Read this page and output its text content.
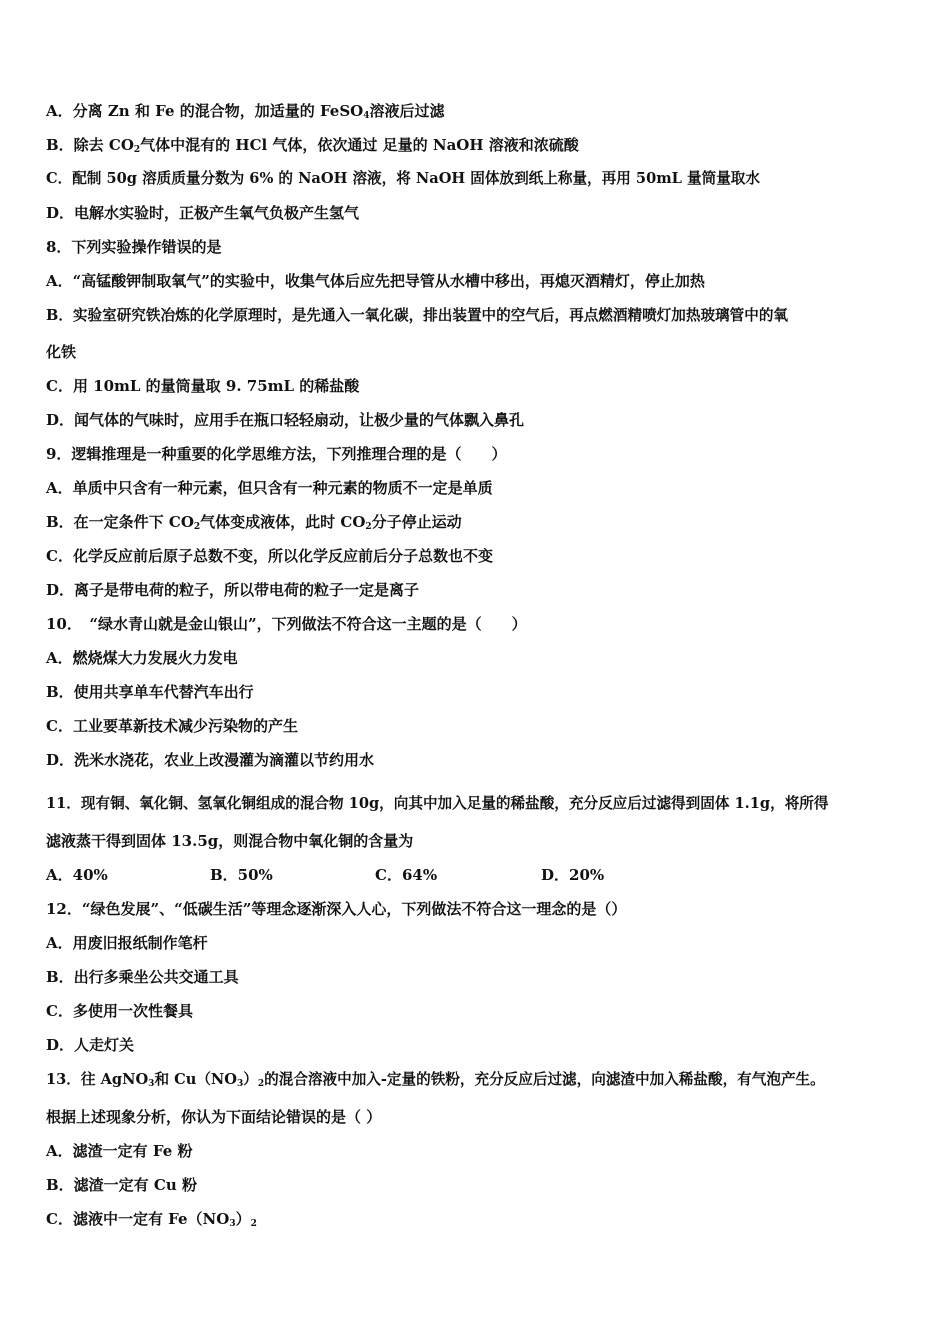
A．分离 Zn 和 Fe 的混合物，加适量的 FeSO$_4$溶液后过滤
B．除去 $CO_2$气体中混有的 HCl 气体，依次通过 足量的 NaOH 溶液和浓硫酸
C．配制 50g 溶质质量分数为 6% 的 NaOH 溶液，将 NaOH 固体放到纸上称量，再用 50mL 量筒量取水
D．电解水实验时，正极产生氧气负极产生氢气
8．下列实验操作错误的是
A．“高锰酸钾制取氧气”的实验中，收集气体后应先把导管从水槽中移出，再熄灭酒精灯，停止加热
B．实验室研究铁冶炼的化学原理时，是先通入一氧化碳，排出装置中的空气后，再点燃酒精喷灯加热玻璃管中的氧
化铁
C．用 10mL 的量筒量取 9. 75mL 的稀盐酸
D．闻气体的气味时，应用手在瓶口轻轻扇动，让极少量的气体飘入鼻孔
9．逻辑推理是一种重要的化学思维方法，下列推理合理的是（　　）
A．单质中只含有一种元素，但只含有一种元素的物质不一定是单质
B．在一定条件下 $CO_2$气体变成液体，此时 $CO_2$分子停止运动
C．化学反应前后原子总数不变，所以化学反应前后分子总数也不变
D．离子是带电荷的粒子，所以带电荷的粒子一定是离子
10．　“绿水青山就是金山银山”，下列做法不符合这一主题的是（　　）
A．燃烧煤大力发展火力发电
B．使用共享单车代替汽车出行
C．工业要革新技术减少污染物的产生
D．洗米水浇花，农业上改漫灌为滴灌以节约用水
11．现有铜、氧化铜、氢氧化铜组成的混合物 10g，向其中加入足量的稀盐酸，充分反应后过滤得到固体 1.1g，将所得
滤液蒸干得到固体 13.5g，则混合物中氧化铜的含量为
A．40%	B．50%	C．64%	D．20%
12．“绿色发展”、“低碳生活”等理念逐渐深入人心，下列做法不符合这一理念的是（）
A．用废旧报纸制作笔杆
B．出行多乘坐公共交通工具
C．多使用一次性餐具
D．人走灯关
13．往 AgNO$_3$和 $Cu(NO_3)_2$的混合溶液中加入-定量的铁粉，充分反应后过滤，向滤渣中加入稀盐酸，有气泡产生。
根据上述现象分析，你认为下面结论错误的是（ ）
A．滤渣一定有 Fe 粉
B．滤渣一定有 Cu 粉
C．滤液中一定有 $Fe(NO_3)_2$
